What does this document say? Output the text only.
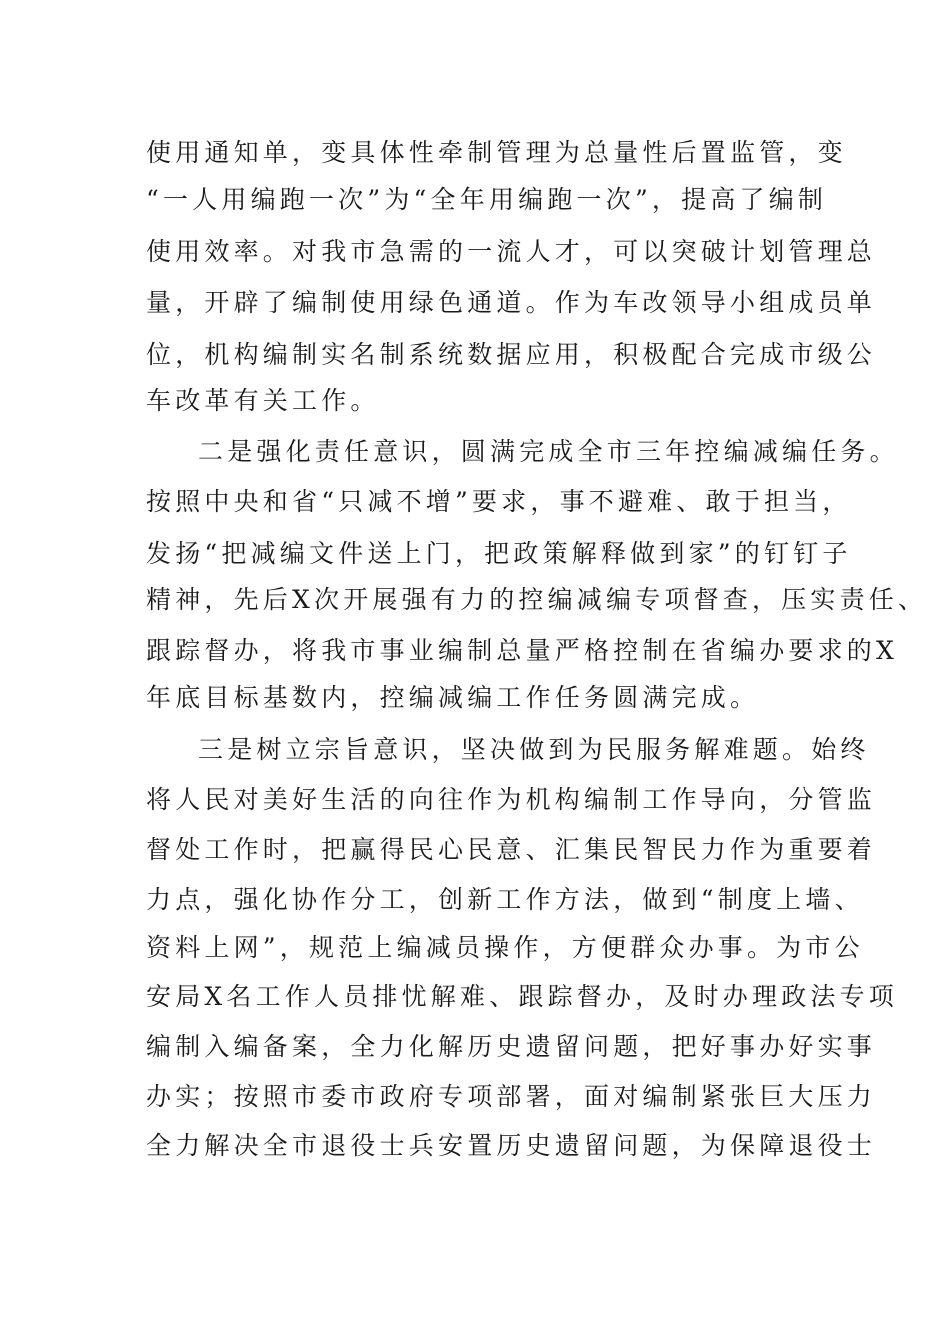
使用通知单，变具体性牵制管理为总量性后置监管，变
“一人用编跑一次”为“全年用编跑一次”，提高了编制
使用效率。对我市急需的一流人才，可以突破计划管理总
量，开辟了编制使用绿色通道。作为车改领导小组成员单
位，机构编制实名制系统数据应用，积极配合完成市级公
车改革有关工作。
二是强化责任意识，圆满完成全市三年控编减编任务。
按照中央和省“只减不增”要求，事不避难、敢于担当，
发扬“把减编文件送上门，把政策解释做到家”的钉钉子
精神，先后X次开展强有力的控编减编专项督查，压实责任、
跟踪督办，将我市事业编制总量严格控制在省编办要求的X
年底目标基数内，控编减编工作任务圆满完成。
三是树立宗旨意识，坚决做到为民服务解难题。始终
将人民对美好生活的向往作为机构编制工作导向，分管监
督处工作时，把赢得民心民意、汇集民智民力作为重要着
力点，强化协作分工，创新工作方法，做到“制度上墙、
资料上网”，规范上编减员操作，方便群众办事。为市公
安局X名工作人员排忧解难、跟踪督办，及时办理政法专项
编制入编备案，全力化解历史遗留问题，把好事办好实事
办实；按照市委市政府专项部署，面对编制紧张巨大压力
全力解决全市退役士兵安置历史遗留问题，为保障退役士
